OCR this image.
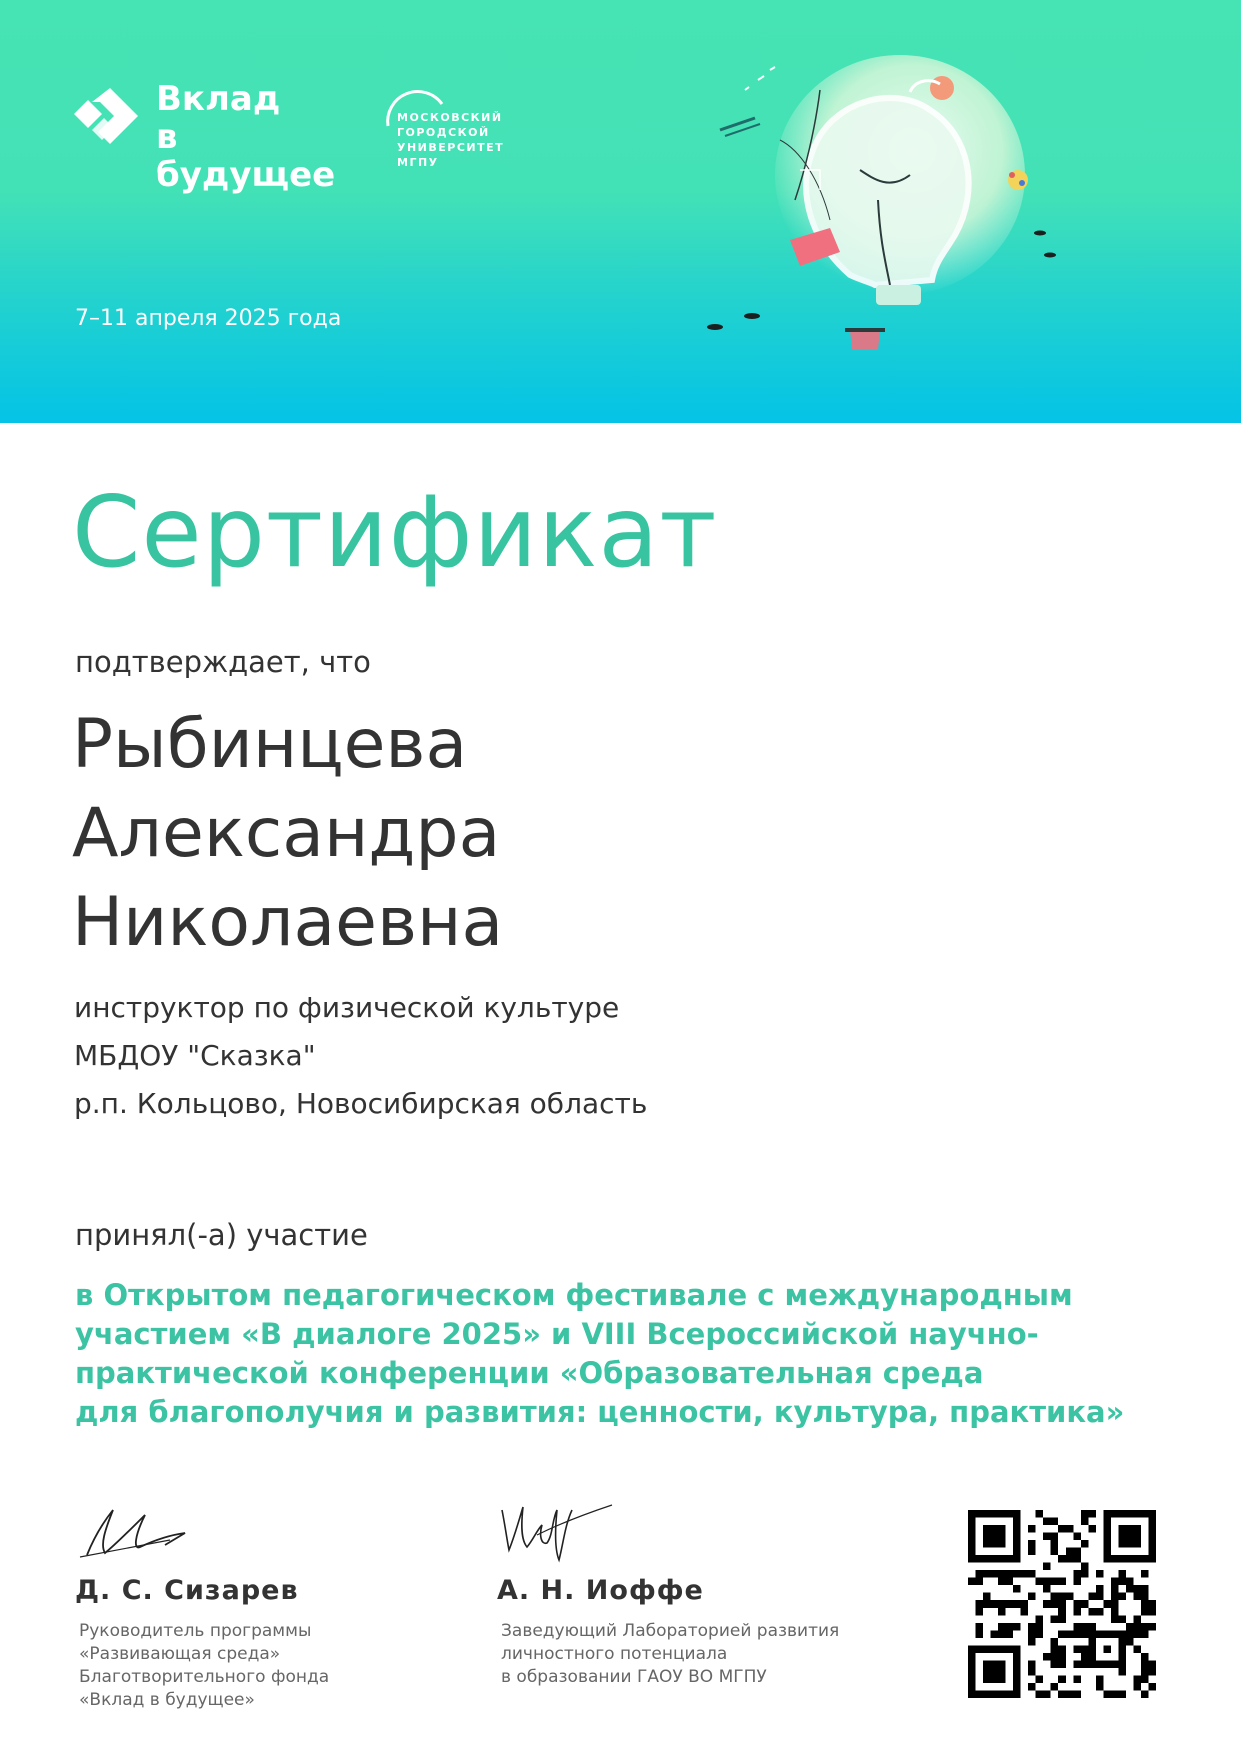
Вклад
в будущее
МОСКОВСКИЙ
ГОРОДСКОЙ
УНИВЕРСИТЕТ
МГПУ
7–11 апреля 2025 года
Сертификат
подтверждает, что
Рыбинцева
Александра
Николаевна
инструктор по физической культуре
МБДОУ "Сказка"
р.п. Кольцово, Новосибирская область
принял(-а) участие
в Открытом педагогическом фестивале с международным
участием «В диалоге 2025» и VIII Всероссийской научно-
практической конференции «Образовательная среда
для благополучия и развития: ценности, культура, практика»
Д. С. Сизарев
Руководитель программы
«Развивающая среда»
Благотворительного фонда
«Вклад в будущее»
А. Н. Иоффе
Заведующий Лабораторией развития
личностного потенциала
в образовании ГАОУ ВО МГПУ
